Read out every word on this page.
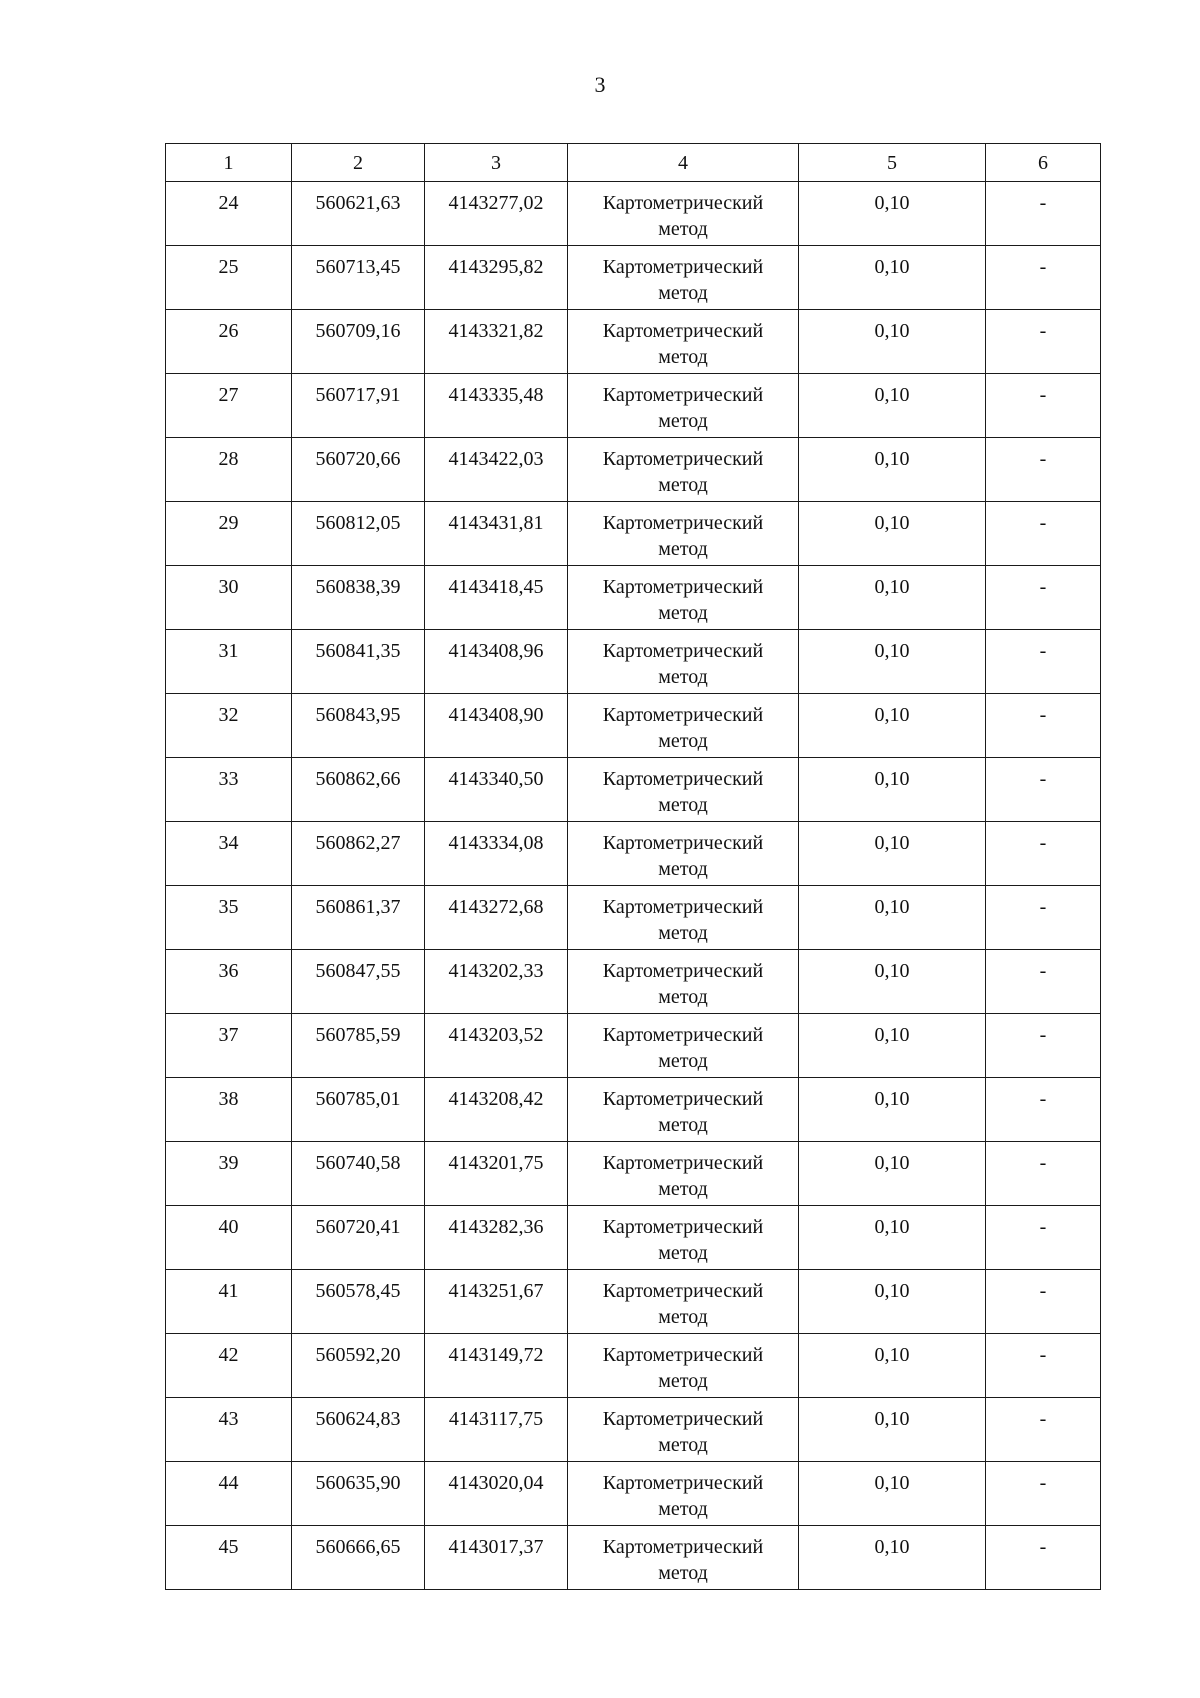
3
1	2	3	4	5	6
24	560621,63	4143277,02	Картометрический
метод	0,10	-
25	560713,45	4143295,82	Картометрический
метод	0,10	-
26	560709,16	4143321,82	Картометрический
метод	0,10	-
27	560717,91	4143335,48	Картометрический
метод	0,10	-
28	560720,66	4143422,03	Картометрический
метод	0,10	-
29	560812,05	4143431,81	Картометрический
метод	0,10	-
30	560838,39	4143418,45	Картометрический
метод	0,10	-
31	560841,35	4143408,96	Картометрический
метод	0,10	-
32	560843,95	4143408,90	Картометрический
метод	0,10	-
33	560862,66	4143340,50	Картометрический
метод	0,10	-
34	560862,27	4143334,08	Картометрический
метод	0,10	-
35	560861,37	4143272,68	Картометрический
метод	0,10	-
36	560847,55	4143202,33	Картометрический
метод	0,10	-
37	560785,59	4143203,52	Картометрический
метод	0,10	-
38	560785,01	4143208,42	Картометрический
метод	0,10	-
39	560740,58	4143201,75	Картометрический
метод	0,10	-
40	560720,41	4143282,36	Картометрический
метод	0,10	-
41	560578,45	4143251,67	Картометрический
метод	0,10	-
42	560592,20	4143149,72	Картометрический
метод	0,10	-
43	560624,83	4143117,75	Картометрический
метод	0,10	-
44	560635,90	4143020,04	Картометрический
метод	0,10	-
45	560666,65	4143017,37	Картометрический
метод	0,10	-
